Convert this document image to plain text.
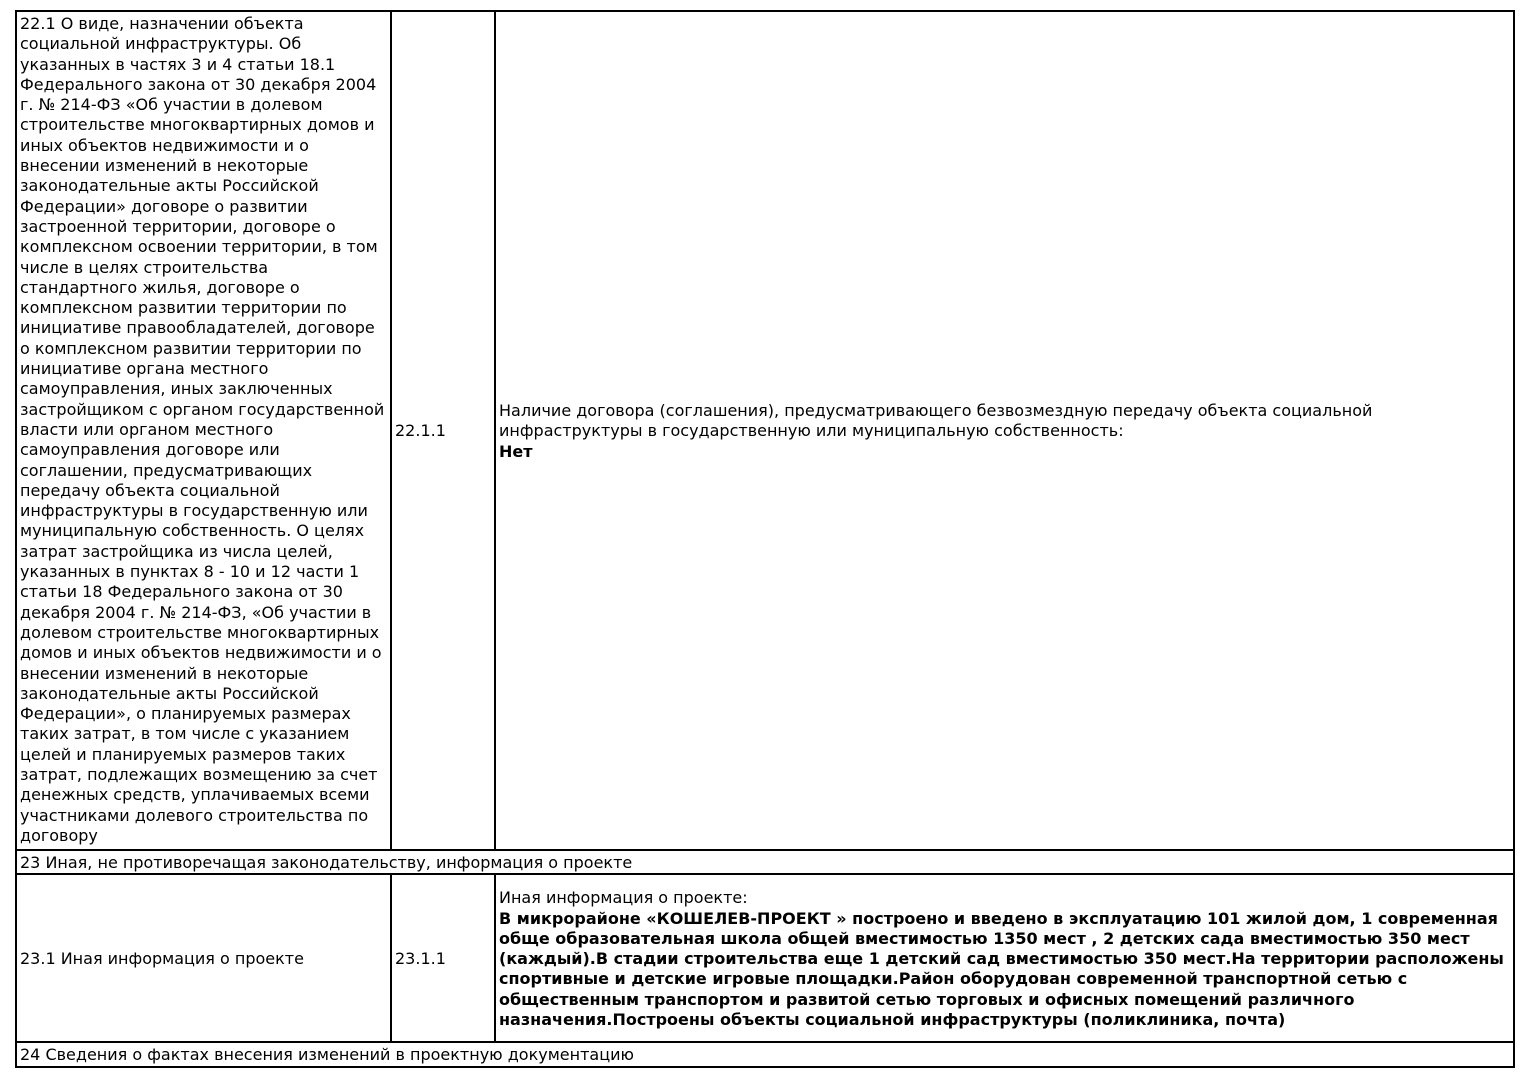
22.1 О виде, назначении объекта социальной инфраструктуры. Об указанных в частях 3 и 4 статьи 18.1 Федерального закона от 30 декабря 2004 г. № 214-ФЗ «Об участии в долевом строительстве многоквартирных домов и иных объектов недвижимости и о внесении изменений в некоторые законодательные акты Российской Федерации» договоре о развитии застроенной территории, договоре о комплексном освоении территории, в том числе в целях строительства стандартного жилья, договоре о комплексном развитии территории по инициативе правообладателей, договоре о комплексном развитии территории по инициативе органа местного самоуправления, иных заключенных застройщиком с органом государственной власти или органом местного самоуправления договоре или соглашении, предусматривающих передачу объекта социальной инфраструктуры в государственную или муниципальную собственность. О целях затрат застройщика из числа целей, указанных в пунктах 8 - 10 и 12 части 1 статьи 18 Федерального закона от 30 декабря 2004 г. № 214-ФЗ, «Об участии в долевом строительстве многоквартирных домов и иных объектов недвижимости и о внесении изменений в некоторые законодательные акты Российской Федерации», о планируемых размерах таких затрат, в том числе с указанием целей и планируемых размеров таких затрат, подлежащих возмещению за счет денежных средств, уплачиваемых всеми участниками долевого строительства по договору	22.1.1	Наличие договора (соглашения), предусматривающего безвозмездную передачу объекта социальной инфраструктуры в государственную или муниципальную собственность:
Нет

23 Иная, не противоречащая законодательству, информация о проекте		
23.1 Иная информация о проекте	23.1.1	Иная информация о проекте:
В микрорайоне «КОШЕЛЕВ-ПРОЕКТ » построено и введено в эксплуатацию 101 жилой дом, 1 современная обще образовательная школа общей вместимостью 1350 мест , 2 детских сада вместимостью 350 мест (каждый).В стадии строительства еще 1 детский сад вместимостью 350 мест.На территории расположены спортивные и детские игровые площадки.Район оборудован современной транспортной сетью с общественным транспортом и развитой сетью торговых и офисных помещений различного назначения.Построены объекты социальной инфраструктуры (поликлиника, почта)

24 Сведения о фактах внесения изменений в проектную документацию		
